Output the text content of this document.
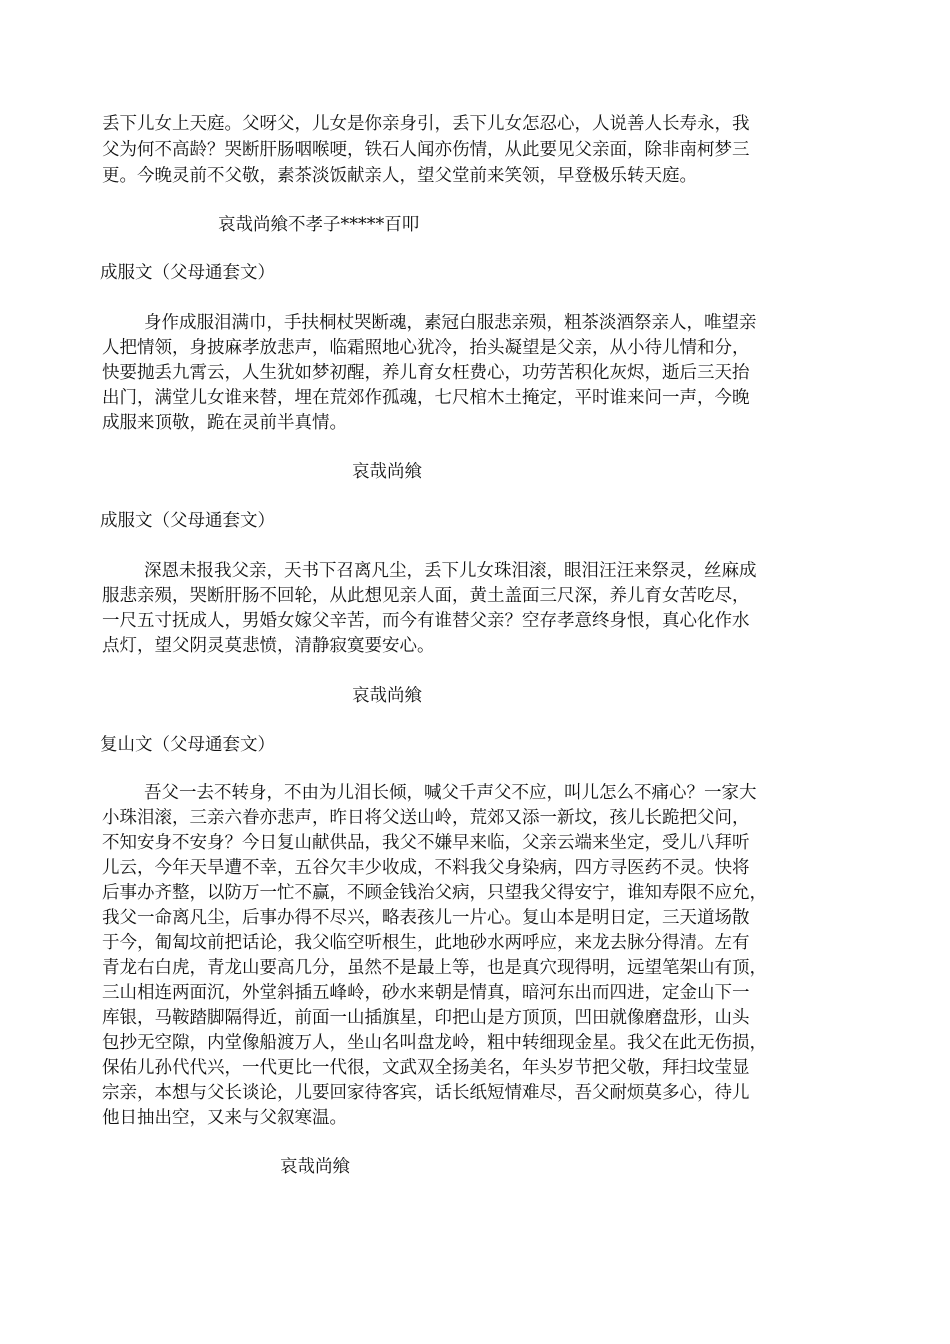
丢下儿女上天庭。父呀父，儿女是你亲身引，丢下儿女怎忍心，人说善人长寿永，我
父为何不高龄？哭断肝肠咽喉哽，铁石人闻亦伤情，从此要见父亲面，除非南柯梦三
更。今晚灵前不父敬，素茶淡饭献亲人，望父堂前来笑领，早登极乐转天庭。
哀哉尚飨不孝子*****百叩
成服文（父母通套文）
身作成服泪满巾，手扶桐杖哭断魂，素冠白服悲亲殒，粗茶淡酒祭亲人，唯望亲
人把情领，身披麻孝放悲声，临霜照地心犹冷，抬头凝望是父亲，从小待儿情和分，
快要抛丢九霄云，人生犹如梦初醒，养儿育女枉费心，功劳苦积化灰烬，逝后三天抬
出门，满堂儿女谁来替，埋在荒郊作孤魂，七尺棺木土掩定，平时谁来问一声，今晚
成服来顶敬，跪在灵前半真情。
哀哉尚飨
成服文（父母通套文）
深恩未报我父亲，天书下召离凡尘，丢下儿女珠泪滚，眼泪汪汪来祭灵，丝麻成
服悲亲殒，哭断肝肠不回轮，从此想见亲人面，黄土盖面三尺深，养儿育女苦吃尽，
一尺五寸抚成人，男婚女嫁父辛苦，而今有谁替父亲？空存孝意终身恨，真心化作水
点灯，望父阴灵莫悲愤，清静寂寞要安心。
哀哉尚飨
复山文（父母通套文）
吾父一去不转身，不由为儿泪长倾，喊父千声父不应，叫儿怎么不痛心？一家大
小珠泪滚，三亲六眷亦悲声，昨日将父送山岭，荒郊又添一新坟，孩儿长跪把父问，
不知安身不安身？今日复山献供品，我父不嫌早来临，父亲云端来坐定，受儿八拜听
儿云，今年天旱遭不幸，五谷欠丰少收成，不料我父身染病，四方寻医药不灵。快将
后事办齐整，以防万一忙不赢，不顾金钱治父病，只望我父得安宁，谁知寿限不应允，
我父一命离凡尘，后事办得不尽兴，略表孩儿一片心。复山本是明日定，三天道场散
于今，匍匐坟前把话论，我父临空听根生，此地砂水两呼应，来龙去脉分得清。左有
青龙右白虎，青龙山要高几分，虽然不是最上等，也是真穴现得明，远望笔架山有顶，
三山相连两面沉，外堂斜插五峰岭，砂水来朝是情真，暗河东出而四进，定金山下一
库银，马鞍踏脚隔得近，前面一山插旗星，印把山是方顶顶，凹田就像磨盘形，山头
包抄无空隙，内堂像船渡万人，坐山名叫盘龙岭，粗中转细现金星。我父在此无伤损，
保佑儿孙代代兴，一代更比一代很，文武双全扬美名，年头岁节把父敬，拜扫坟莹显
宗亲，本想与父长谈论，儿要回家待客宾，话长纸短情难尽，吾父耐烦莫多心，待儿
他日抽出空，又来与父叙寒温。
哀哉尚飨
